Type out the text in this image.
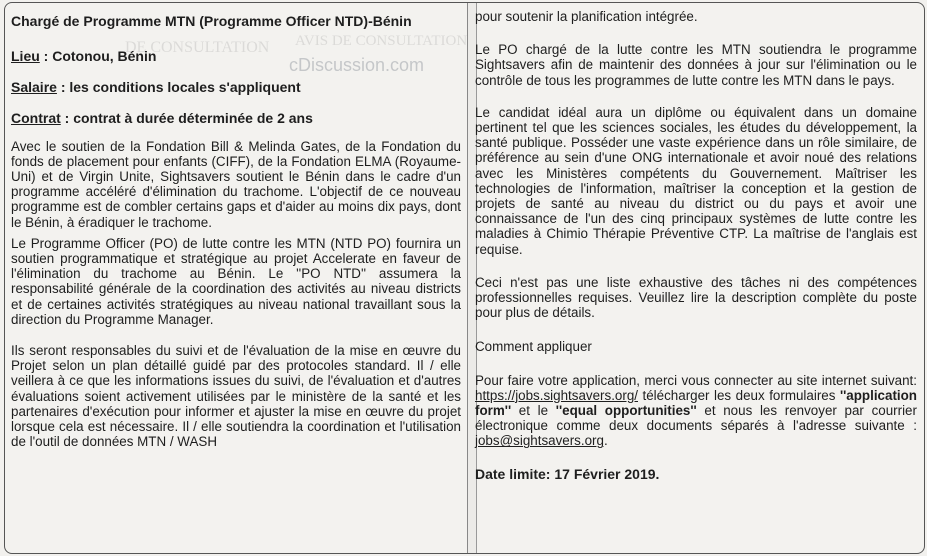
AVIS DE CONSULTATION
DE CONSULTATION
cDiscussion.com
Chargé de Programme MTN (Programme Officer NTD)-Bénin
Lieu : Cotonou, Bénin
Salaire : les conditions locales s'appliquent
Contrat : contrat à durée déterminée de 2 ans

Avec le soutien de la Fondation Bill & Melinda Gates, de la Fondation du fonds de placement pour enfants (CIFF), de la Fondation ELMA (Royaume-Uni) et de Virgin Unite, Sightsavers soutient le Bénin dans le cadre d'un programme accéléré d'élimination du trachome. L'objectif de ce nouveau programme est de combler certains gaps et d'aider au moins dix pays, dont le Bénin, à éradiquer le trachome.

Le Programme Officer (PO) de lutte contre les MTN (NTD PO) fournira un soutien programmatique et stratégique au projet Accelerate en faveur de l'élimination du trachome au Bénin. Le ''PO NTD'' assumera la responsabilité générale de la coordination des activités au niveau districts et de certaines activités stratégiques au niveau national travaillant sous la direction du Programme Manager.

Ils seront responsables du suivi et de l'évaluation de la mise en œuvre du Projet selon un plan détaillé guidé par des protocoles standard. Il / elle veillera à ce que les informations issues du suivi, de l'évaluation et d'autres évaluations soient activement utilisées par le ministère de la santé et les partenaires d'exécution pour informer et ajuster la mise en œuvre du projet lorsque cela est nécessaire. Il / elle soutiendra la coordination et l'utilisation de l'outil de données MTN / WASH

pour soutenir la planification intégrée.

Le PO chargé de la lutte contre les MTN soutiendra le programme Sightsavers afin de maintenir des données à jour sur l'élimination ou le contrôle de tous les programmes de lutte contre les MTN dans le pays.

Le candidat idéal aura un diplôme ou équivalent dans un domaine pertinent tel que les sciences sociales, les études du développement, la santé publique. Posséder une vaste expérience dans un rôle similaire, de préférence au sein d'une ONG internationale et avoir noué des relations avec les Ministères compétents du Gouvernement. Maîtriser les technologies de l'information, maîtriser la conception et la gestion de projets de santé au niveau du district ou du pays et avoir une connaissance de l'un des cinq principaux systèmes de lutte contre les maladies à Chimio Thérapie Préventive CTP. La maîtrise de l'anglais est requise.

Ceci n'est pas une liste exhaustive des tâches ni des compétences professionnelles requises. Veuillez lire la description complète du poste pour plus de détails.

Comment appliquer

Pour faire votre application, merci vous connecter au site internet suivant: https://jobs.sightsavers.org/ télécharger les deux formulaires ''application form'' et le ''equal opportunities'' et nous les renvoyer par courrier électronique comme deux documents séparés à l'adresse suivante : jobs@sightsavers.org.

Date limite: 17 Février 2019.
